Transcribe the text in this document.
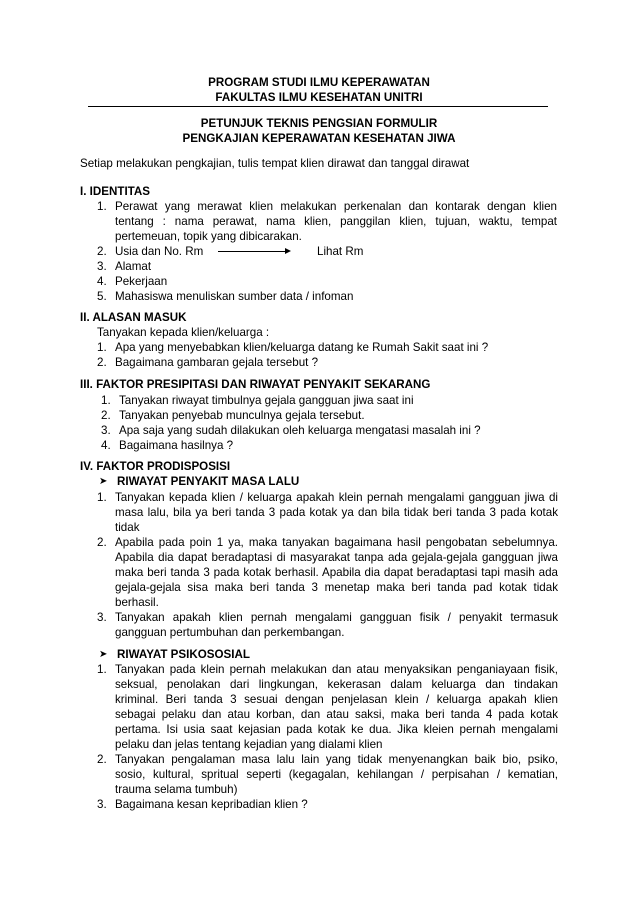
PROGRAM STUDI ILMU KEPERAWATAN
FAKULTAS ILMU KESEHATAN UNITRI
PETUNJUK TEKNIS PENGSIAN FORMULIR
PENGKAJIAN KEPERAWATAN KESEHATAN JIWA
Setiap melakukan pengkajian, tulis tempat klien dirawat dan tanggal dirawat
I. IDENTITAS
1. Perawat yang merawat klien melakukan perkenalan dan kontarak dengan klien
tentang : nama perawat, nama klien, panggilan klien, tujuan, waktu, tempat
pertemeuan, topik yang dibicarakan.
2. Usia dan No. Rm	Lihat Rm
3. Alamat
4. Pekerjaan
5. Mahasiswa menuliskan sumber data / infoman
II. ALASAN MASUK
Tanyakan kepada klien/keluarga :
1. Apa yang menyebabkan klien/keluarga datang ke Rumah Sakit saat ini ?
2. Bagaimana gambaran gejala tersebut ?
III. FAKTOR PRESIPITASI DAN RIWAYAT PENYAKIT SEKARANG
1. Tanyakan riwayat timbulnya gejala gangguan jiwa saat ini
2. Tanyakan penyebab munculnya gejala tersebut.
3. Apa saja yang sudah dilakukan oleh keluarga mengatasi masalah ini ?
4. Bagaimana hasilnya ?
IV. FAKTOR PRODISPOSISI
➤ RIWAYAT PENYAKIT MASA LALU
1. Tanyakan kepada klien / keluarga apakah klein pernah mengalami gangguan jiwa di
masa lalu, bila ya beri tanda 3 pada kotak ya dan bila tidak beri tanda 3 pada kotak
tidak
2. Apabila pada poin 1 ya, maka tanyakan bagaimana hasil pengobatan sebelumnya.
Apabila dia dapat beradaptasi di masyarakat tanpa ada gejala-gejala gangguan jiwa
maka beri tanda 3 pada kotak berhasil. Apabila dia dapat beradaptasi tapi masih ada
gejala-gejala sisa maka beri tanda 3 menetap maka beri tanda pad kotak tidak
berhasil.
3. Tanyakan apakah klien pernah mengalami gangguan fisik / penyakit termasuk
gangguan pertumbuhan dan perkembangan.
➤ RIWAYAT PSIKOSOSIAL
1. Tanyakan pada klein pernah melakukan dan atau menyaksikan penganiayaan fisik,
seksual, penolakan dari lingkungan, kekerasan dalam keluarga dan tindakan
kriminal. Beri tanda 3 sesuai dengan penjelasan klein / keluarga apakah klien
sebagai pelaku dan atau korban, dan atau saksi, maka beri tanda 4 pada kotak
pertama. Isi usia saat kejasian pada kotak ke dua. Jika kleien pernah mengalami
pelaku dan jelas tentang kejadian yang dialami klien
2. Tanyakan pengalaman masa lalu lain yang tidak menyenangkan baik bio, psiko,
sosio, kultural, spritual seperti (kegagalan, kehilangan / perpisahan / kematian,
trauma selama tumbuh)
3. Bagaimana kesan kepribadian klien ?
